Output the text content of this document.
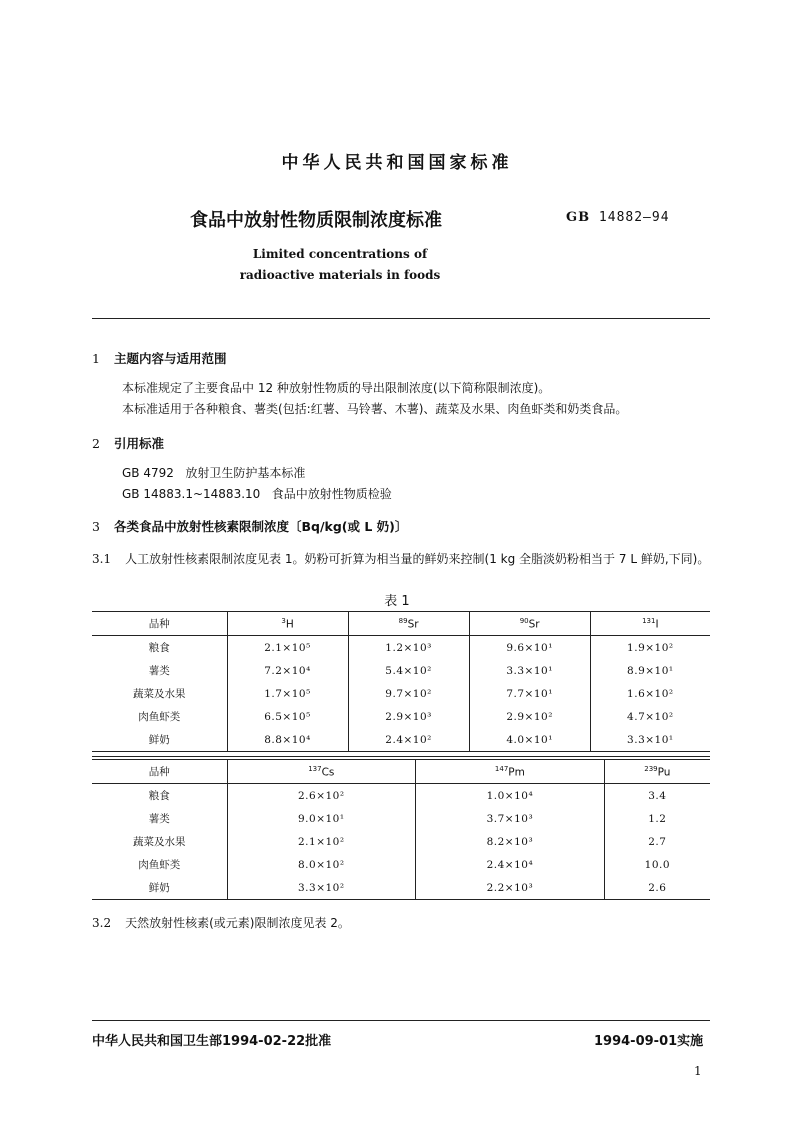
中华人民共和国国家标准
食品中放射性物质限制浓度标准	GB 14882—94
Limited concentrations of
radioactive materials in foods
1 主题内容与适用范围
本标准规定了主要食品中 12 种放射性物质的导出限制浓度(以下简称限制浓度)。
本标准适用于各种粮食、薯类(包括:红薯、马铃薯、木薯)、蔬菜及水果、肉鱼虾类和奶类食品。
2 引用标准
GB 4792   放射卫生防护基本标准
GB 14883.1~14883.10   食品中放射性物质检验
3 各类食品中放射性核素限制浓度〔Bq/kg(或 L 奶)〕
3.1 人工放射性核素限制浓度见表 1。奶粉可折算为相当量的鲜奶来控制(1 kg 全脂淡奶粉相当于 7 L 鲜奶,下同)。
表 1
品种	$^3$H	$^{89}$Sr	$^{90}$Sr	$^{131}$I
粮食	2.1×10⁵	1.2×10³	9.6×10¹	1.9×10²
薯类	7.2×10⁴	5.4×10²	3.3×10¹	8.9×10¹
蔬菜及水果	1.7×10⁵	9.7×10²	7.7×10¹	1.6×10²
肉鱼虾类	6.5×10⁵	2.9×10³	2.9×10²	4.7×10²
鲜奶	8.8×10⁴	2.4×10²	4.0×10¹	3.3×10¹
品种	$^{137}$Cs	$^{147}$Pm	$^{239}$Pu
粮食	2.6×10²	1.0×10⁴	3.4
薯类	9.0×10¹	3.7×10³	1.2
蔬菜及水果	2.1×10²	8.2×10³	2.7
肉鱼虾类	8.0×10²	2.4×10⁴	10.0
鲜奶	3.3×10²	2.2×10³	2.6
3.2 天然放射性核素(或元素)限制浓度见表 2。
中华人民共和国卫生部1994-02-22批准	1994-09-01实施
1
